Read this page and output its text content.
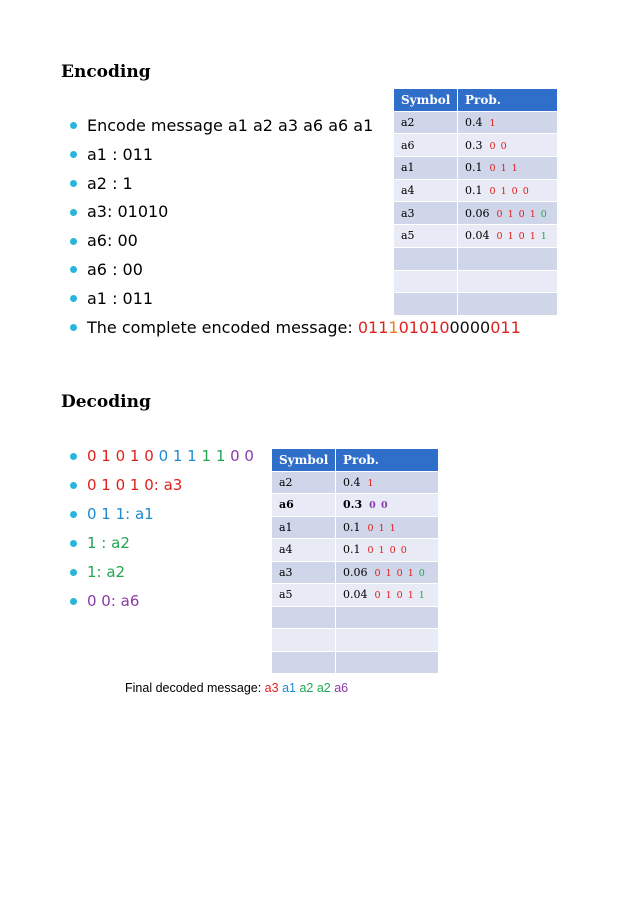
Encoding
Encode message a1 a2 a3 a6 a6 a1
a1 : 011
a2 : 1
a3: 01010
a6: 00
a6 : 00
a1 : 011
The complete encoded message: 0111010100000011
Symbol	Prob.
a2	0.4 1
a6	0.3 0 0
a1	0.1 0 1 1
a4	0.1 0 1 0 0
a3	0.06 0 1 0 1 0
a5	0.04 0 1 0 1 1

Decoding
0 1 0 1 0 0 1 1 1 1 0 0
0 1 0 1 0: a3
0 1 1: a1
1 : a2
1: a2
0 0: a6
Symbol	Prob.
a2	0.4 1
a6	0.3 0 0
a1	0.1 0 1 1
a4	0.1 0 1 0 0
a3	0.06 0 1 0 1 0
a5	0.04 0 1 0 1 1

Final decoded message: a3 a1 a2 a2 a6
